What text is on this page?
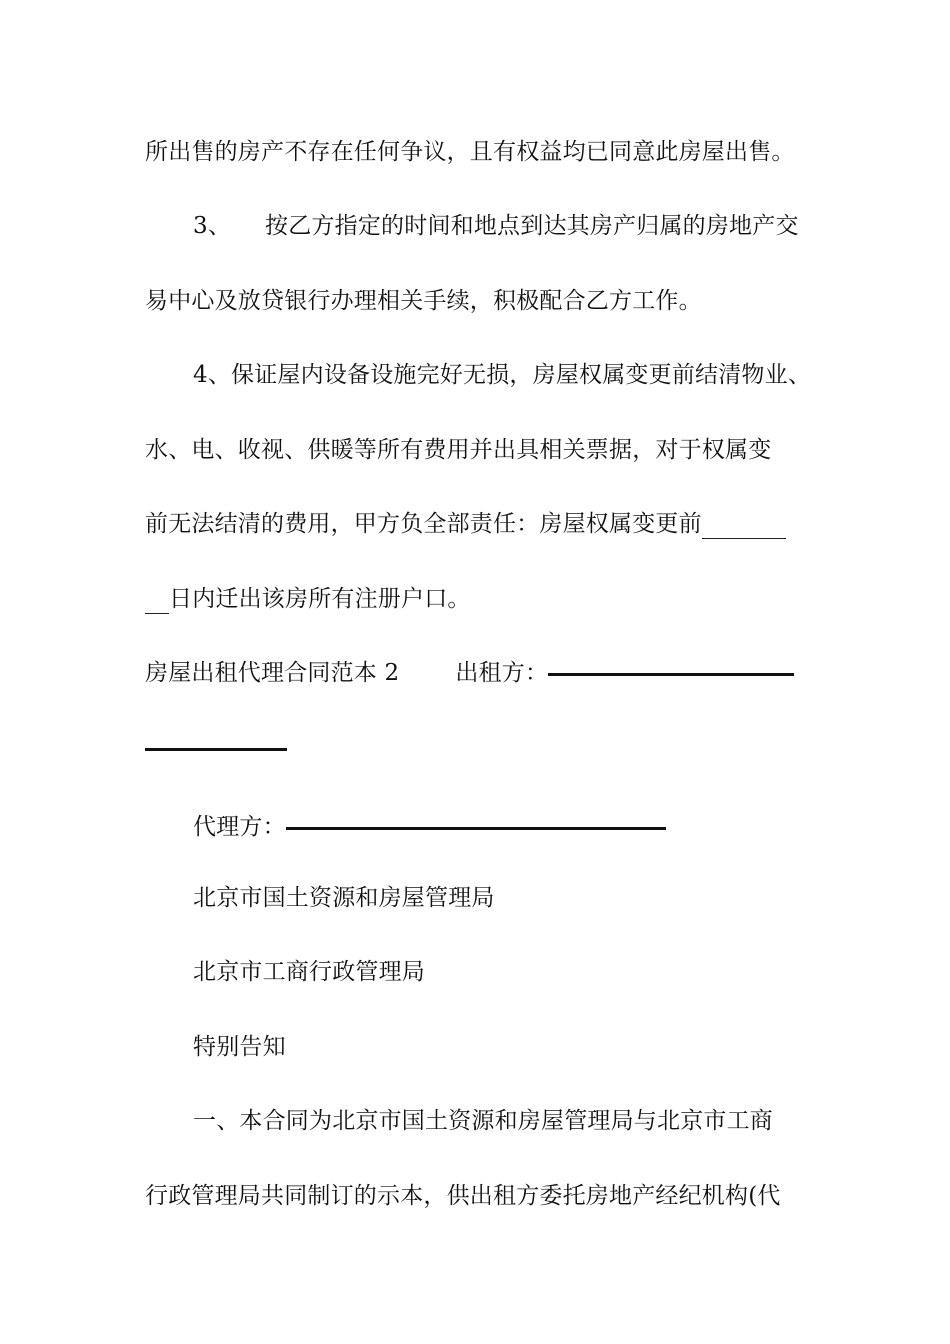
所出售的房产不存在任何争议，且有权益均已同意此房屋出售。
3、 按乙方指定的时间和地点到达其房产归属的房地产交
易中心及放贷银行办理相关手续，积极配合乙方工作。
4、保证屋内设备设施完好无损，房屋权属变更前结清物业、
水、电、收视、供暖等所有费用并出具相关票据，对于权属变
前无法结清的费用，甲方负全部责任：房屋权属变更前
日内迁出该房所有注册户口。
房屋出租代理合同范本 2 出租方：
代理方：
北京市国土资源和房屋管理局
北京市工商行政管理局
特别告知
一、本合同为北京市国土资源和房屋管理局与北京市工商
行政管理局共同制订的示本，供出租方委托房地产经纪机构(代
